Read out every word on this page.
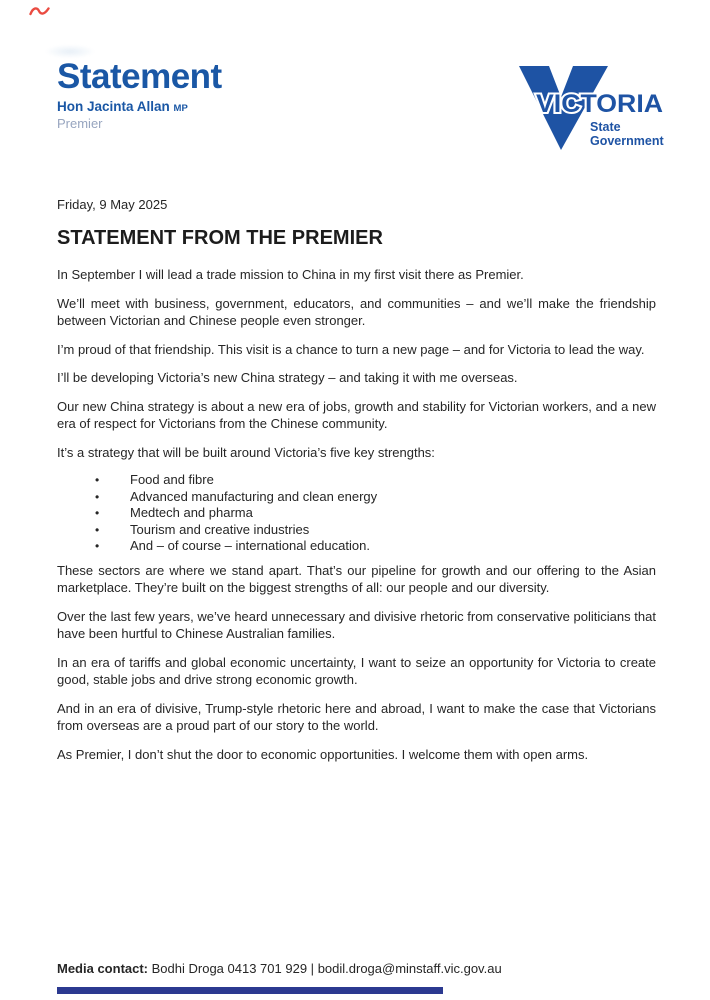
Statement
Hon Jacinta Allan MP
Premier
VICTORIA
State
Government

Friday, 9 May 2025

STATEMENT FROM THE PREMIER

In September I will lead a trade mission to China in my first visit there as Premier.

We’ll meet with business, government, educators, and communities – and we’ll make the friendship between Victorian and Chinese people even stronger.

I’m proud of that friendship. This visit is a chance to turn a new page – and for Victoria to lead the way.

I’ll be developing Victoria’s new China strategy – and taking it with me overseas.

Our new China strategy is about a new era of jobs, growth and stability for Victorian workers, and a new era of respect for Victorians from the Chinese community.

It’s a strategy that will be built around Victoria’s five key strengths:

• Food and fibre
• Advanced manufacturing and clean energy
• Medtech and pharma
• Tourism and creative industries
• And – of course – international education.

These sectors are where we stand apart. That’s our pipeline for growth and our offering to the Asian marketplace. They’re built on the biggest strengths of all: our people and our diversity.

Over the last few years, we’ve heard unnecessary and divisive rhetoric from conservative politicians that have been hurtful to Chinese Australian families.

In an era of tariffs and global economic uncertainty, I want to seize an opportunity for Victoria to create good, stable jobs and drive strong economic growth.

And in an era of divisive, Trump-style rhetoric here and abroad, I want to make the case that Victorians from overseas are a proud part of our story to the world.

As Premier, I don’t shut the door to economic opportunities. I welcome them with open arms.

Media contact: Bodhi Droga 0413 701 929 | bodil.droga@minstaff.vic.gov.au
